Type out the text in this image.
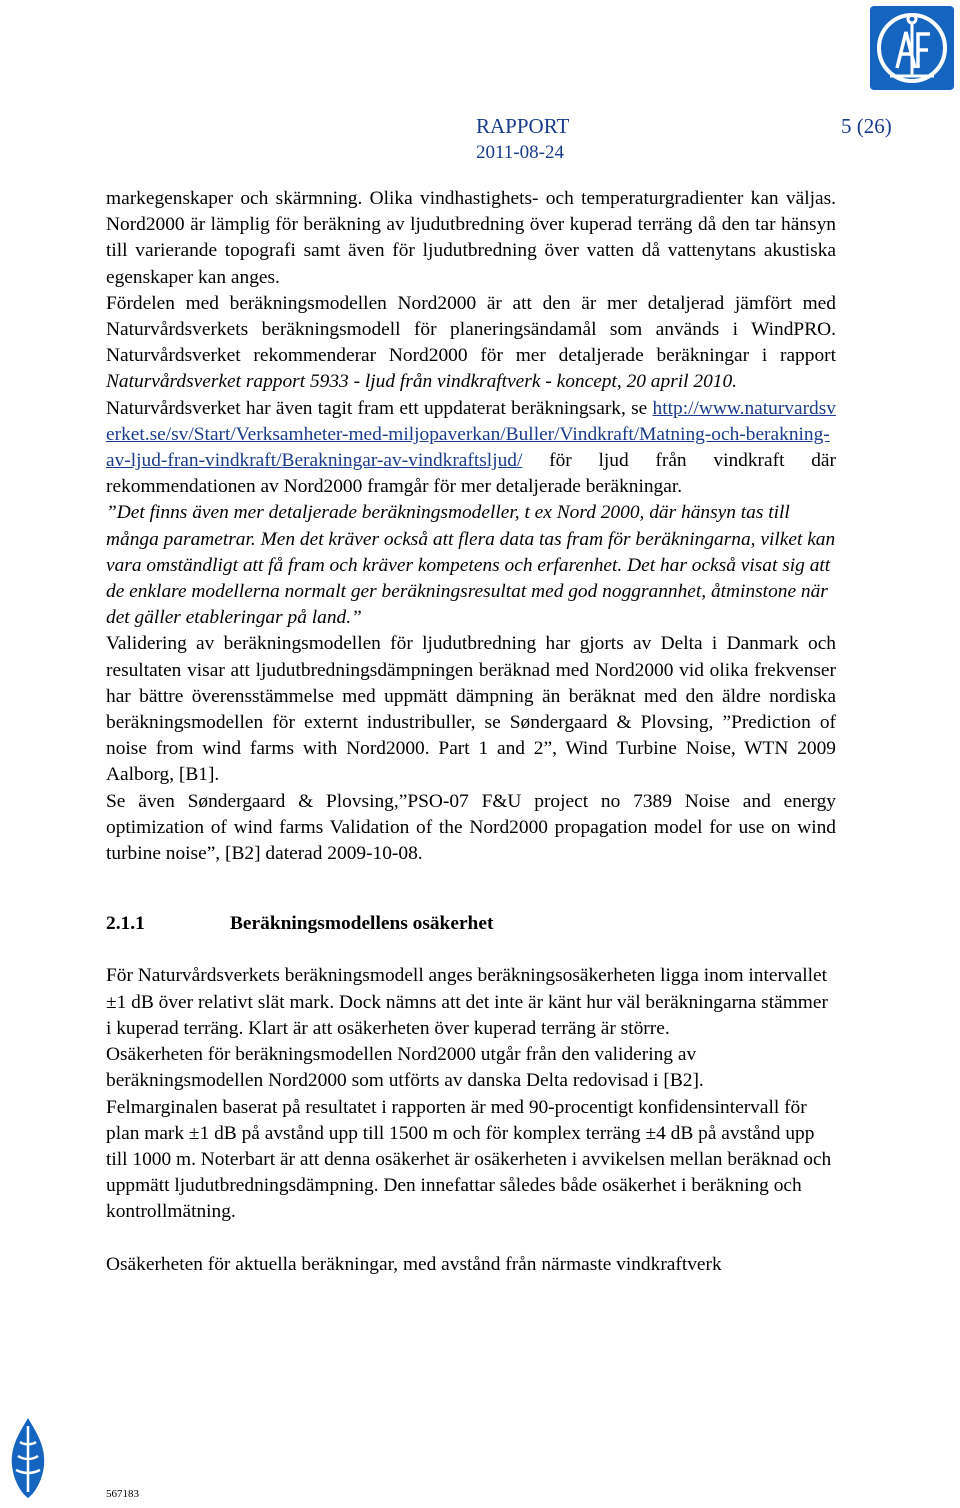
RAPPORT	5 (26)
2011-08-24

markegenskaper och skärmning. Olika vindhastighets- och temperaturgradienter kan väljas. Nord2000 är lämplig för beräkning av ljudutbredning över kuperad terräng då den tar hänsyn till varierande topografi samt även för ljudutbredning över vatten då vattenytans akustiska egenskaper kan anges.

Fördelen med beräkningsmodellen Nord2000 är att den är mer detaljerad jämfört med Naturvårdsverkets beräkningsmodell för planeringsändamål som används i WindPRO. Naturvårdsverket rekommenderar Nord2000 för mer detaljerade beräkningar i rapport Naturvårdsverket rapport 5933 - ljud från vindkraftverk - koncept, 20 april 2010.

Naturvårdsverket har även tagit fram ett uppdaterat beräkningsark, se http://www.naturvardsverket.se/sv/Start/Verksamheter-med-miljopaverkan/Buller/Vindkraft/Matning-och-berakning-av-ljud-fran-vindkraft/Berakningar-av-vindkraftsljud/ för ljud från vindkraft där rekommendationen av Nord2000 framgår för mer detaljerade beräkningar.

”Det finns även mer detaljerade beräkningsmodeller, t ex Nord 2000, där hänsyn tas till många parametrar. Men det kräver också att flera data tas fram för beräkningarna, vilket kan vara omständligt att få fram och kräver kompetens och erfarenhet. Det har också visat sig att de enklare modellerna normalt ger beräkningsresultat med god noggrannhet, åtminstone när det gäller etableringar på land.”

Validering av beräkningsmodellen för ljudutbredning har gjorts av Delta i Danmark och resultaten visar att ljudutbredningsdämpningen beräknad med Nord2000 vid olika frekvenser har bättre överensstämmelse med uppmätt dämpning än beräknat med den äldre nordiska beräkningsmodellen för externt industribuller, se Søndergaard & Plovsing, ”Prediction of noise from wind farms with Nord2000. Part 1 and 2”, Wind Turbine Noise, WTN 2009 Aalborg, [B1].

Se även Søndergaard & Plovsing,”PSO-07 F&U project no 7389 Noise and energy optimization of wind farms Validation of the Nord2000 propagation model for use on wind turbine noise”, [B2] daterad 2009-10-08.

2.1.1	Beräkningsmodellens osäkerhet

För Naturvårdsverkets beräkningsmodell anges beräkningsosäkerheten ligga inom intervallet ±1 dB över relativt slät mark. Dock nämns att det inte är känt hur väl beräkningarna stämmer i kuperad terräng. Klart är att osäkerheten över kuperad terräng är större.

Osäkerheten för beräkningsmodellen Nord2000 utgår från den validering av beräkningsmodellen Nord2000 som utförts av danska Delta redovisad i [B2].

Felmarginalen baserat på resultatet i rapporten är med 90-procentigt konfidensintervall för plan mark ±1 dB på avstånd upp till 1500 m och för komplex terräng ±4 dB på avstånd upp till 1000 m. Noterbart är att denna osäkerhet är osäkerheten i avvikelsen mellan beräknad och uppmätt ljudutbredningsdämpning. Den innefattar således både osäkerhet i beräkning och kontrollmätning.

Osäkerheten för aktuella beräkningar, med avstånd från närmaste vindkraftverk

567183
